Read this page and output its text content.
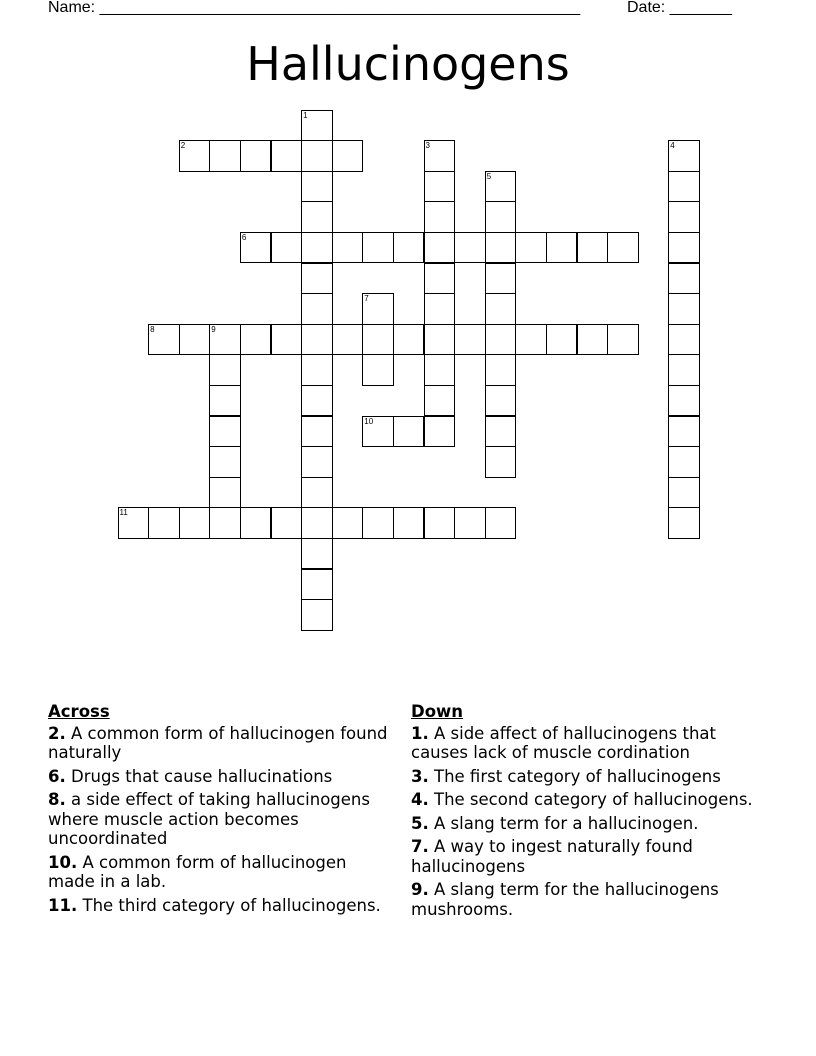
Name: ______________________________________________________	Date: _______
Hallucinogens
1
2	3	4
5
6
7
8	9
10
11
Across
2. A common form of hallucinogen found naturally
6. Drugs that cause hallucinations
8. a side effect of taking hallucinogens where muscle action becomes uncoordinated
10. A common form of hallucinogen made in a lab.
11. The third category of hallucinogens.
Down
1. A side affect of hallucinogens that causes lack of muscle cordination
3. The first category of hallucinogens
4. The second category of hallucinogens.
5. A slang term for a hallucinogen.
7. A way to ingest naturally found hallucinogens
9. A slang term for the hallucinogens mushrooms.
